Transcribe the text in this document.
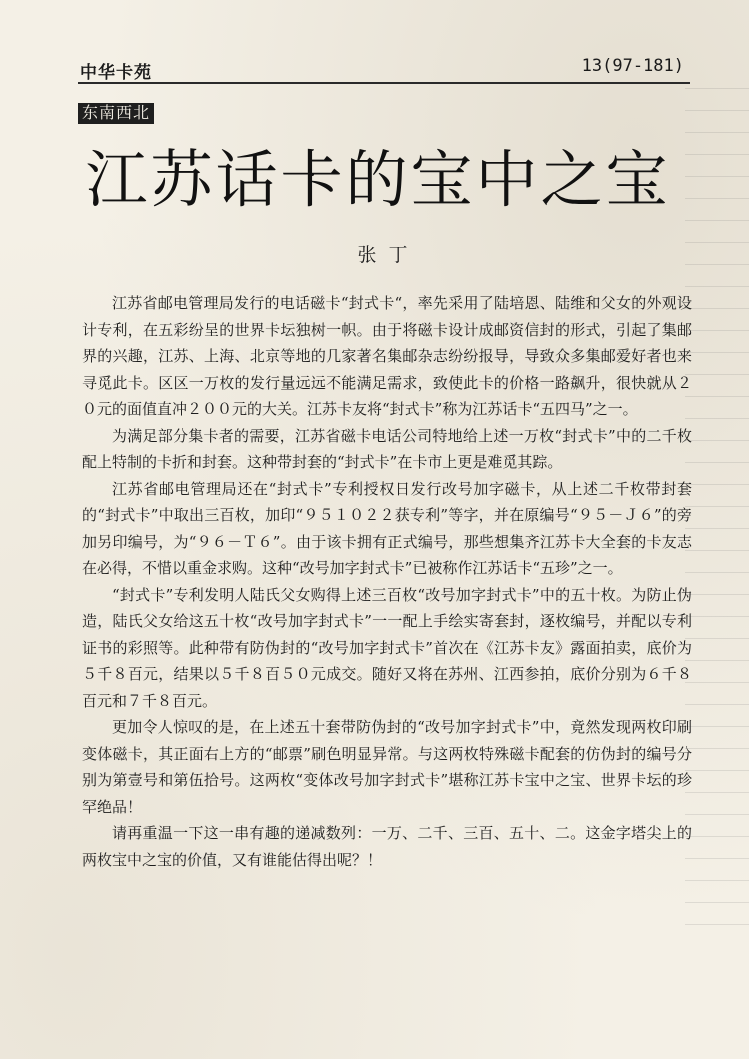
中华卡苑	13(97-181)
东南西北
江苏话卡的宝中之宝
张丁

江苏省邮电管理局发行的电话磁卡“封式卡“，率先采用了陆培恩、陆维和父女的外观设计专利，在五彩纷呈的世界卡坛独树一帜。由于将磁卡设计成邮资信封的形式，引起了集邮界的兴趣，江苏、上海、北京等地的几家著名集邮杂志纷纷报导，导致众多集邮爱好者也来寻觅此卡。区区一万枚的发行量远远不能满足需求，致使此卡的价格一路飙升，很快就从２０元的面值直冲２００元的大关。江苏卡友将“封式卡”称为江苏话卡“五四马”之一。

为满足部分集卡者的需要，江苏省磁卡电话公司特地给上述一万枚“封式卡”中的二千枚配上特制的卡折和封套。这种带封套的“封式卡”在卡市上更是难觅其踪。

江苏省邮电管理局还在“封式卡”专利授权日发行改号加字磁卡，从上述二千枚带封套的“封式卡”中取出三百枚，加印“９５１０２２获专利”等字，并在原编号“９５－Ｊ６”的旁加另印编号，为“９６－Ｔ６”。由于该卡拥有正式编号，那些想集齐江苏卡大全套的卡友志在必得，不惜以重金求购。这种“改号加字封式卡”已被称作江苏话卡“五珍”之一。

“封式卡”专利发明人陆氏父女购得上述三百枚“改号加字封式卡”中的五十枚。为防止伪造，陆氏父女给这五十枚“改号加字封式卡”一一配上手绘实寄套封，逐枚编号，并配以专利证书的彩照等。此种带有防伪封的“改号加字封式卡”首次在《江苏卡友》露面拍卖，底价为５千８百元，结果以５千８百５０元成交。随好又将在苏州、江西参拍，底价分别为６千８百元和７千８百元。

更加令人惊叹的是，在上述五十套带防伪封的“改号加字封式卡”中，竟然发现两枚印刷变体磁卡，其正面右上方的“邮票”刷色明显异常。与这两枚特殊磁卡配套的仿伪封的编号分别为第壹号和第伍拾号。这两枚“变体改号加字封式卡”堪称江苏卡宝中之宝、世界卡坛的珍罕绝品！

请再重温一下这一串有趣的递减数列：一万、二千、三百、五十、二。这金字塔尖上的两枚宝中之宝的价值，又有谁能估得出呢？！
